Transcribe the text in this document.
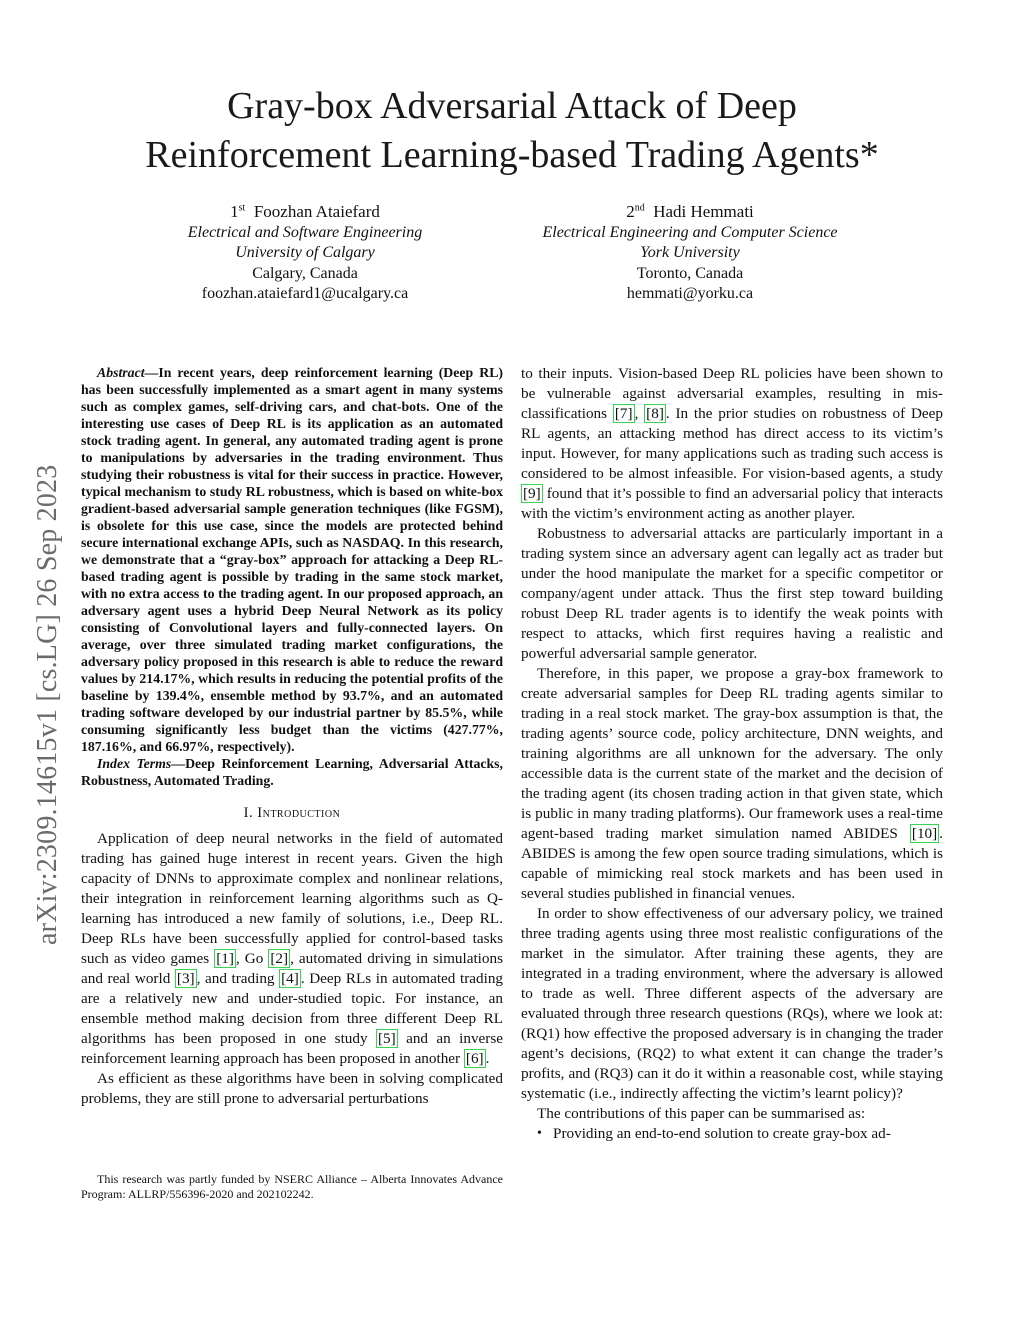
Gray-box Adversarial Attack of Deep
Reinforcement Learning-based Trading Agents*
1st Foozhan Ataiefard
Electrical and Software Engineering
University of Calgary
Calgary, Canada
foozhan.ataiefard1@ucalgary.ca
2nd Hadi Hemmati
Electrical Engineering and Computer Science
York University
Toronto, Canada
hemmati@yorku.ca
arXiv:2309.14615v1 [cs.LG] 26 Sep 2023

Abstract—In recent years, deep reinforcement learning (Deep RL) has been successfully implemented as a smart agent in many systems such as complex games, self-driving cars, and chat-bots. One of the interesting use cases of Deep RL is its application as an automated stock trading agent. In general, any automated trading agent is prone to manipulations by adversaries in the trading environment. Thus studying their robustness is vital for their success in practice. However, typical mechanism to study RL robustness, which is based on white-box gradient-based adversarial sample generation techniques (like FGSM), is obsolete for this use case, since the models are protected behind secure international exchange APIs, such as NASDAQ. In this research, we demonstrate that a “gray-box” approach for attacking a Deep RL-based trading agent is possible by trading in the same stock market, with no extra access to the trading agent. In our proposed approach, an adversary agent uses a hybrid Deep Neural Network as its policy consisting of Convolutional layers and fully-connected layers. On average, over three simulated trading market configurations, the adversary policy proposed in this research is able to reduce the reward values by 214.17%, which results in reducing the potential profits of the baseline by 139.4%, ensemble method by 93.7%, and an automated trading software developed by our industrial partner by 85.5%, while consuming significantly less budget than the victims (427.77%, 187.16%, and 66.97%, respectively).

Index Terms—Deep Reinforcement Learning, Adversarial Attacks, Robustness, Automated Trading.

I. Introduction

Application of deep neural networks in the field of automated trading has gained huge interest in recent years. Given the high capacity of DNNs to approximate complex and nonlinear relations, their integration in reinforcement learning algorithms such as Q-learning has introduced a new family of solutions, i.e., Deep RL. Deep RLs have been successfully applied for control-based tasks such as video games [1] , Go [2] , automated driving in simulations and real world [3] , and trading [4] . Deep RLs in automated trading are a relatively new and under-studied topic. For instance, an ensemble method making decision from three different Deep RL algorithms has been proposed in one study [5] and an inverse reinforcement learning approach has been proposed in another [6] .

As efficient as these algorithms have been in solving complicated problems, they are still prone to adversarial perturbations

This research was partly funded by NSERC Alliance – Alberta Innovates Advance Program: ALLRP/556396-2020 and 202102242.

to their inputs. Vision-based Deep RL policies have been shown to be vulnerable against adversarial examples, resulting in mis-classifications [7] , [8] . In the prior studies on robustness of Deep RL agents, an attacking method has direct access to its victim’s input. However, for many applications such as trading such access is considered to be almost infeasible. For vision-based agents, a study [9] found that it’s possible to find an adversarial policy that interacts with the victim’s environment acting as another player.

Robustness to adversarial attacks are particularly important in a trading system since an adversary agent can legally act as trader but under the hood manipulate the market for a specific competitor or company/agent under attack. Thus the first step toward building robust Deep RL trader agents is to identify the weak points with respect to attacks, which first requires having a realistic and powerful adversarial sample generator.

Therefore, in this paper, we propose a gray-box framework to create adversarial samples for Deep RL trading agents similar to trading in a real stock market. The gray-box assumption is that, the trading agents’ source code, policy architecture, DNN weights, and training algorithms are all unknown for the adversary. The only accessible data is the current state of the market and the decision of the trading agent (its chosen trading action in that given state, which is public in many trading platforms). Our framework uses a real-time agent-based trading market simulation named ABIDES [10] . ABIDES is among the few open source trading simulations, which is capable of mimicking real stock markets and has been used in several studies published in financial venues.

In order to show effectiveness of our adversary policy, we trained three trading agents using three most realistic configurations of the market in the simulator. After training these agents, they are integrated in a trading environment, where the adversary is allowed to trade as well. Three different aspects of the adversary are evaluated through three research questions (RQs), where we look at: (RQ1) how effective the proposed adversary is in changing the trader agent’s decisions, (RQ2) to what extent it can change the trader’s profits, and (RQ3) can it do it within a reasonable cost, while staying systematic (i.e., indirectly affecting the victim’s learnt policy)?

The contributions of this paper can be summarised as:

• Providing an end-to-end solution to create gray-box ad-
